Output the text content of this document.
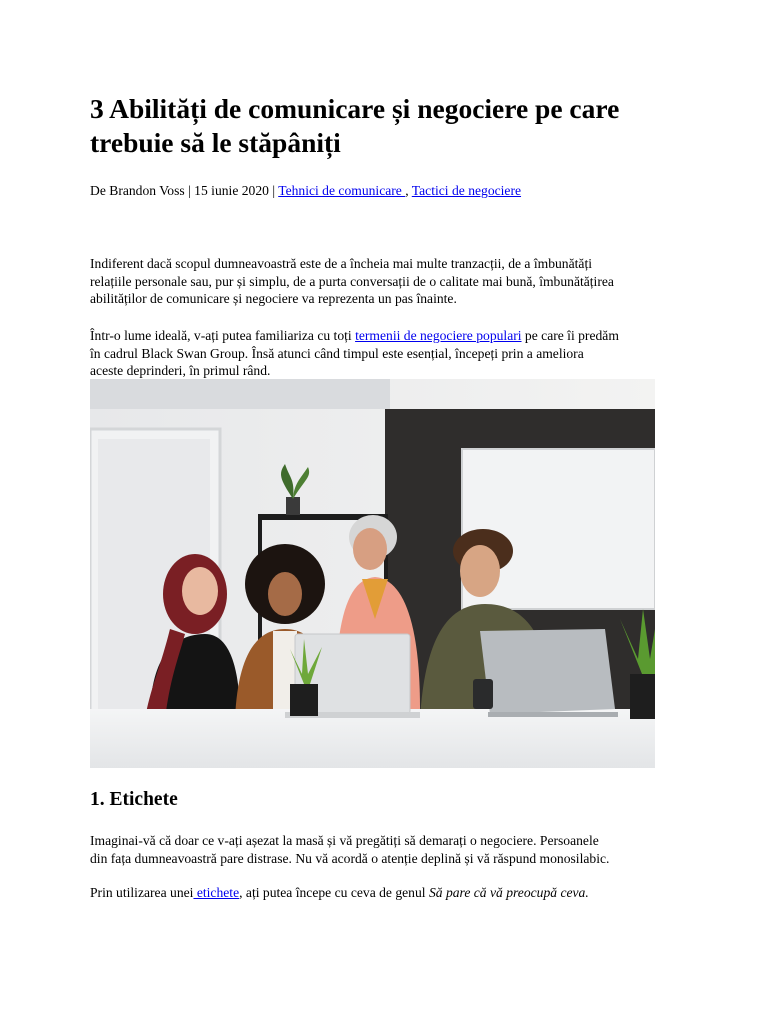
3 Abilități de comunicare și negociere pe care trebuie să le stăpâniți
De Brandon Voss | 15 iunie 2020 | Tehnici de comunicare , Tactici de negociere

Indiferent dacă scopul dumneavoastră este de a încheia mai multe tranzacții, de a îmbunătăți
relațiile personale sau, pur și simplu, de a purta conversații de o calitate mai bună, îmbunătățirea
abilităților de comunicare și negociere va reprezenta un pas înainte.

Într-o lume ideală, v-ați putea familiariza cu toți termenii de negociere populari pe care îi predăm
în cadrul Black Swan Group. Însă atunci când timpul este esențial, începeți prin a ameliora
aceste deprinderi, în primul rând.

1. Etichete

Imaginai-vă că doar ce v-ați așezat la masă și vă pregătiți să demarați o negociere. Persoanele
din fața dumneavoastră pare distrase. Nu vă acordă o atenție deplină și vă răspund monosilabic.

Prin utilizarea unei etichete, ați putea începe cu ceva de genul Să pare că vă preocupă ceva.
